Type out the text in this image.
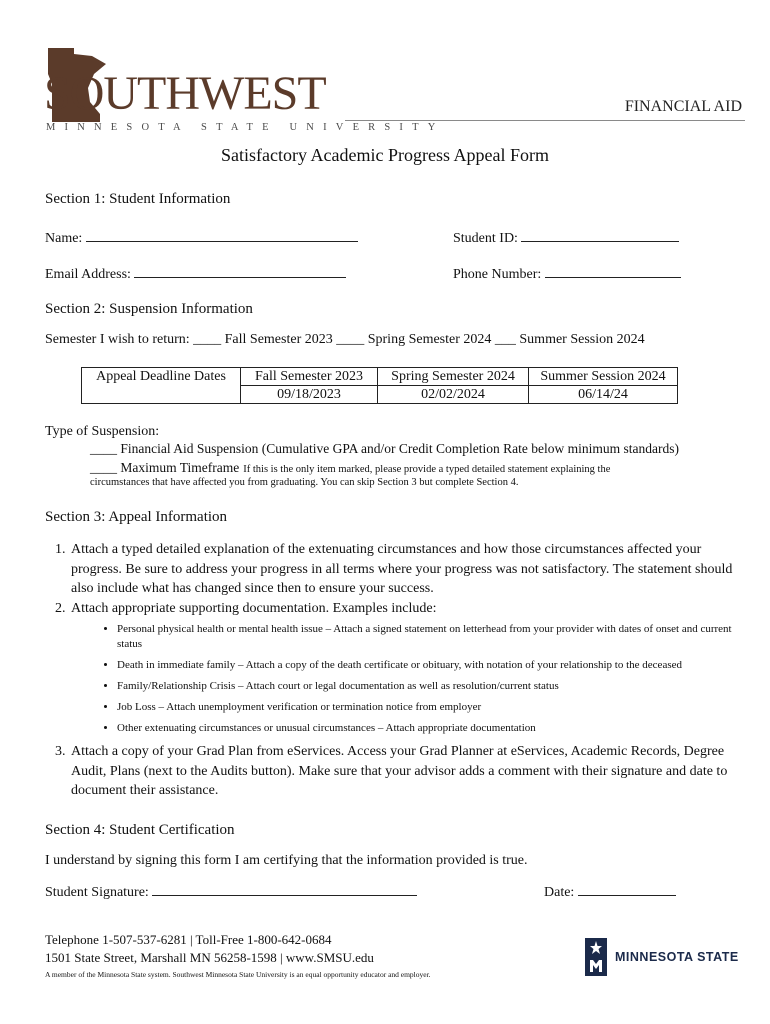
SOUTHWEST
MINNESOTA STATE UNIVERSITY
FINANCIAL AID
Satisfactory Academic Progress Appeal Form
Section 1: Student Information
Name:	Student ID:
Email Address:	Phone Number:
Section 2: Suspension Information
Semester I wish to return: ____ Fall Semester 2023 ____ Spring Semester 2024 ___ Summer Session 2024
Appeal Deadline Dates	Fall Semester 2023	Spring Semester 2024	Summer Session 2024
	09/18/2023	02/02/2024	06/14/24
Type of Suspension:
____ Financial Aid Suspension (Cumulative GPA and/or Credit Completion Rate below minimum standards)
____ Maximum Timeframe If this is the only item marked, please provide a typed detailed statement explaining the
circumstances that have affected you from graduating. You can skip Section 3 but complete Section 4.
Section 3: Appeal Information
1. Attach a typed detailed explanation of the extenuating circumstances and how those circumstances affected your progress. Be sure to address your progress in all terms where your progress was not satisfactory. The statement should also include what has changed since then to ensure your success.
2. Attach appropriate supporting documentation. Examples include:
• Personal physical health or mental health issue – Attach a signed statement on letterhead from your provider with dates of onset and current status
• Death in immediate family – Attach a copy of the death certificate or obituary, with notation of your relationship to the deceased
• Family/Relationship Crisis – Attach court or legal documentation as well as resolution/current status
• Job Loss – Attach unemployment verification or termination notice from employer
• Other extenuating circumstances or unusual circumstances – Attach appropriate documentation
3. Attach a copy of your Grad Plan from eServices. Access your Grad Planner at eServices, Academic Records, Degree Audit, Plans (next to the Audits button). Make sure that your advisor adds a comment with their signature and date to document their assistance.
Section 4: Student Certification
I understand by signing this form I am certifying that the information provided is true.
Student Signature:	Date:
Telephone 1-507-537-6281 | Toll-Free 1-800-642-0684
1501 State Street, Marshall MN 56258-1598 | www.SMSU.edu
A member of the Minnesota State system. Southwest Minnesota State University is an equal opportunity educator and employer.
MINNESOTA STATE
